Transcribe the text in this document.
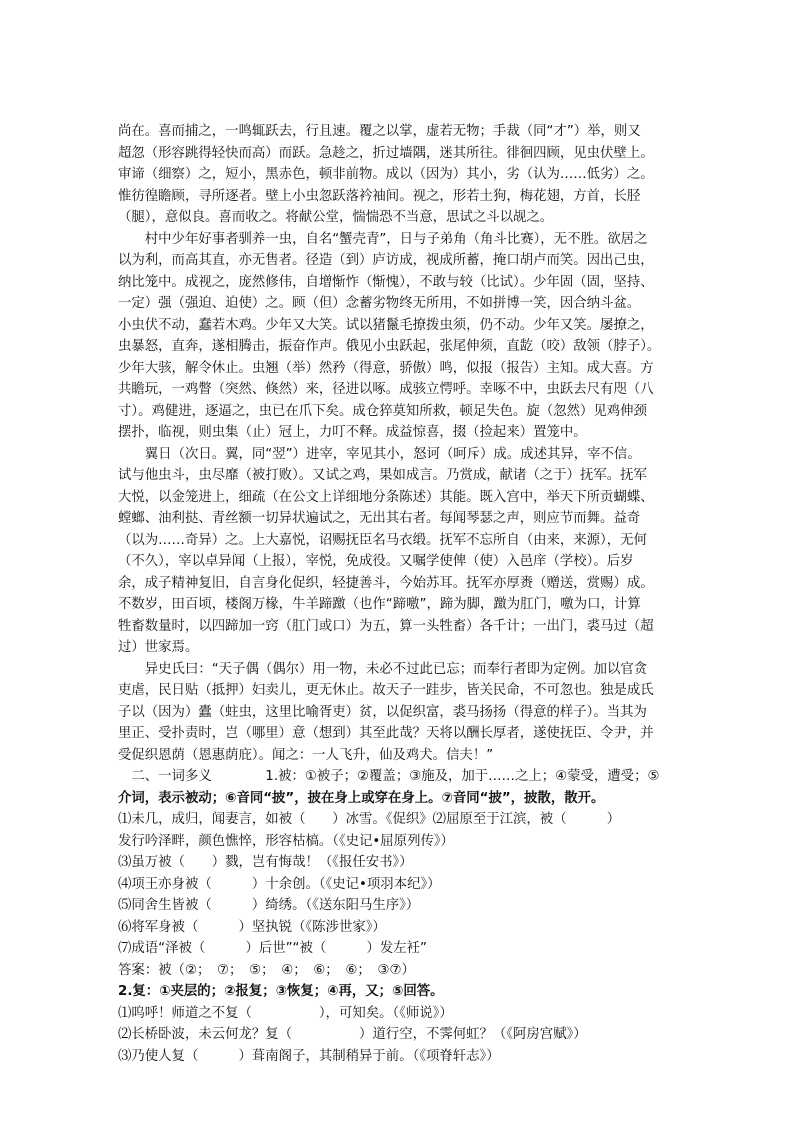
尚在。喜而捕之，一鸣辄跃去，行且速。覆之以掌，虚若无物；手裁（同“才”）举，则又
超忽（形容跳得轻快而高）而跃。急趁之，折过墙隅，迷其所往。徘徊四顾，见虫伏壁上。
审谛（细察）之，短小，黑赤色，顿非前物。成以（因为）其小，劣（认为……低劣）之。
惟彷徨瞻顾，寻所逐者。壁上小虫忽跃落衿袖间。视之，形若土狗，梅花翅，方首，长胫
（腿），意似良。喜而收之。将献公堂，惴惴恐不当意，思试之斗以觇之。
　　村中少年好事者驯养一虫，自名“蟹壳青”，日与子弟角（角斗比赛），无不胜。欲居之
以为利，而高其直，亦无售者。径造（到）庐访成，视成所蓄，掩口胡卢而笑。因出己虫，
纳比笼中。成视之，庞然修伟，自增惭怍（惭愧），不敢与较（比试）。少年固（固，坚持、
一定）强（强迫、迫使）之。顾（但）念蓄劣物终无所用，不如拼博一笑，因合纳斗盆。
小虫伏不动，蠢若木鸡。少年又大笑。试以猪鬣毛撩拨虫须，仍不动。少年又笑。屡撩之，
虫暴怒，直奔，遂相腾击，振奋作声。俄见小虫跃起，张尾伸须，直龁（咬）敌领（脖子）。
少年大骇，解令休止。虫翘（举）然矜（得意，骄傲）鸣，似报（报告）主知。成大喜。方
共瞻玩，一鸡瞥（突然、倏然）来，径进以啄。成骇立愕呼。幸啄不中，虫跃去尺有咫（八
寸）。鸡健进，逐逼之，虫已在爪下矣。成仓猝莫知所救，顿足失色。旋（忽然）见鸡伸颈
摆扑，临视，则虫集（止）冠上，力叮不释。成益惊喜，掇（捡起来）置笼中。
　　翼日（次日。翼，同“翌”）进宰，宰见其小，怒诃（呵斥）成。成述其异，宰不信。
试与他虫斗，虫尽靡（被打败）。又试之鸡，果如成言。乃赏成，献诸（之于）抚军。抚军
大悦，以金笼进上，细疏（在公文上详细地分条陈述）其能。既入宫中，举天下所贡蝴蝶、
螳螂、油利挞、青丝额一切异状遍试之，无出其右者。每闻琴瑟之声，则应节而舞。益奇
（以为……奇异）之。上大嘉悦，诏赐抚臣名马衣缎。抚军不忘所自（由来，来源），无何
（不久），宰以卓异闻（上报），宰悦，免成役。又嘱学使俾（使）入邑庠（学校）。后岁
余，成子精神复旧，自言身化促织，轻捷善斗，今始苏耳。抚军亦厚赉（赠送，赏赐）成。
不数岁，田百顷，楼阁万椽，牛羊蹄躈（也作“蹄噭”，蹄为脚，躈为肛门，噭为口，计算
牲畜数量时，以四蹄加一窍（肛门或口）为五，算一头牲畜）各千计；一出门，裘马过（超
过）世家焉。
　　异史氏曰：“天子偶（偶尔）用一物，未必不过此已忘；而奉行者即为定例。加以官贪
吏虐，民日贴（抵押）妇卖儿，更无休止。故天子一跬步，皆关民命，不可忽也。独是成氏
子以（因为）蠹（蛀虫，这里比喻胥吏）贫，以促织富，裘马扬扬（得意的样子）。当其为
里正、受扑责时，岂（哪里）意（想到）其至此哉？天将以酬长厚者，遂使抚臣、令尹，并
受促织恩荫（恩惠荫庇）。闻之：一人飞升，仙及鸡犬。信夫！”
　二、一词多义　　　　1.被：①被子；②覆盖；③施及，加于……之上；④蒙受，遭受；⑤
介词，表示被动；⑥音同“披”，披在身上或穿在身上。⑦音同“披”，披散，散开。
⑴未几，成归，闻妻言，如被（　　）冰雪。《促织》⑵屈原至于江滨，被（　　　）
发行吟泽畔，颜色憔悴，形容枯槁。（《史记•屈原列传》）
⑶虽万被（　　）戮，岂有悔哉！（《报任安书》）
⑷项王亦身被（　　　）十余创。（《史记•项羽本纪》）
⑸同舍生皆被（　　　）绮绣。（《送东阳马生序》）
⑹将军身被（　　　）坚执锐（《陈涉世家》）
⑺成语“泽被（　　　）后世”“被（　　　）发左衽”
答案：被（②；　⑦；　⑤；　④；　⑥；　⑥；　③⑦）
2.复：①夹层的；②报复；③恢复；④再，又；⑤回答。
⑴呜呼！师道之不复（　　　　　），可知矣。（《师说》）
⑵长桥卧波，未云何龙？复（　　　　　）道行空，不霁何虹？（《阿房宫赋》）
⑶乃使人复（　　　）葺南阁子，其制稍异于前。（《项脊轩志》）
